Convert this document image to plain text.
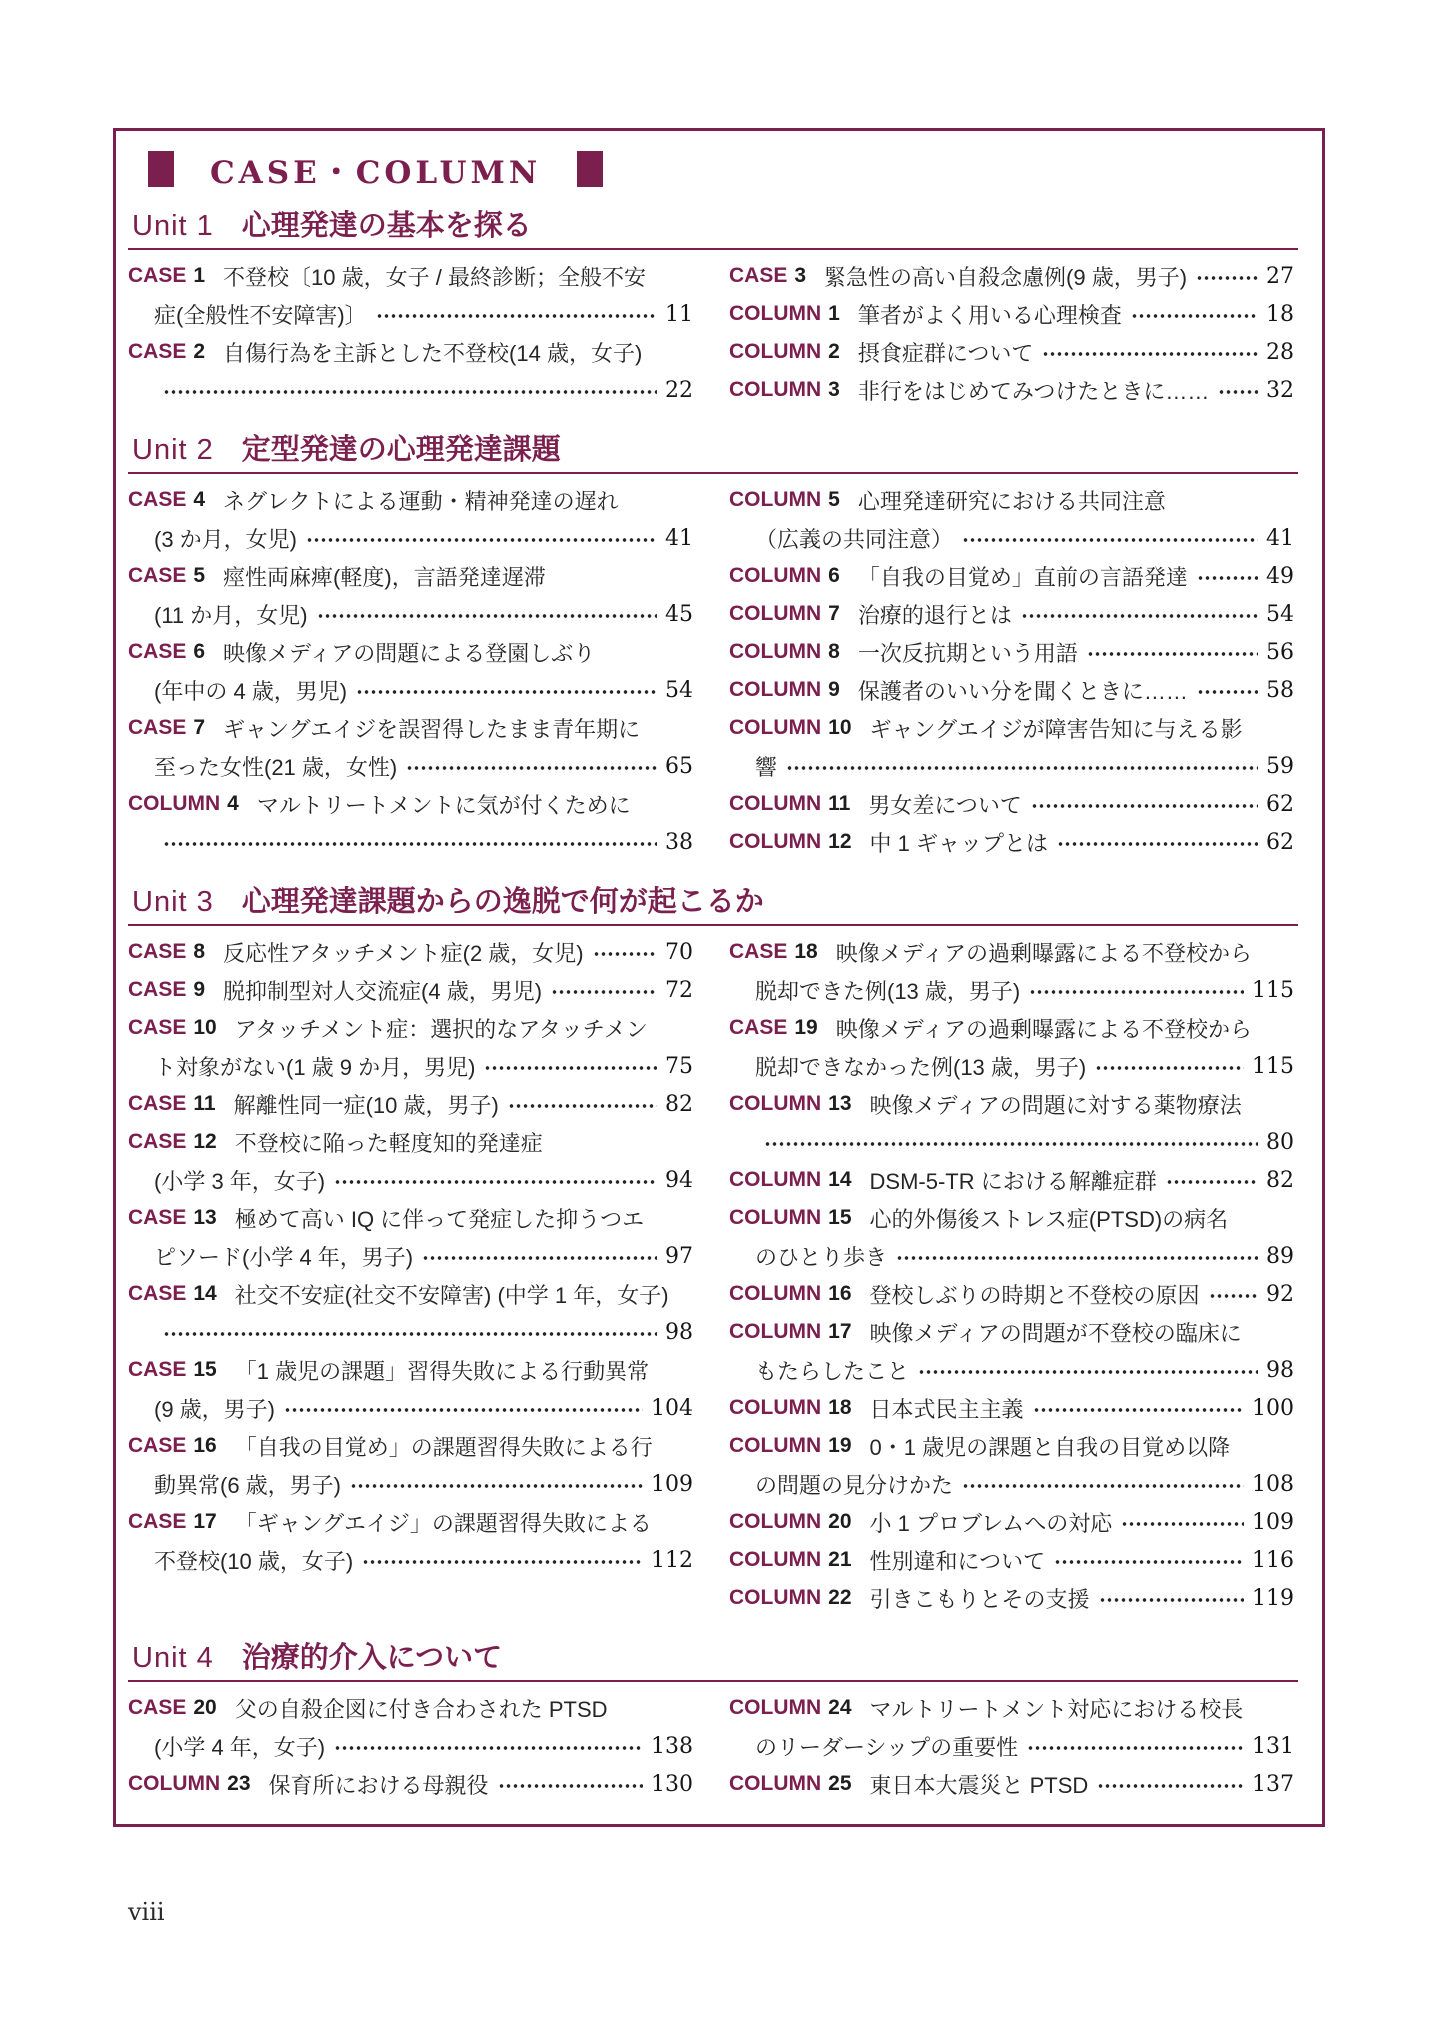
CASE・COLUMN
Unit 1 心理発達の基本を探る
CASE 1 不登校〔10 歳，女子 / 最終診断；全般不安
症(全般性不安障害)〕	11
CASE 2 自傷行為を主訴とした不登校(14 歳，女子)
22
CASE 3 緊急性の高い自殺念慮例(9 歳，男子)	27
COLUMN 1 筆者がよく用いる心理検査	18
COLUMN 2 摂食症群について	28
COLUMN 3 非行をはじめてみつけたときに……	32
Unit 2 定型発達の心理発達課題
CASE 4 ネグレクトによる運動・精神発達の遅れ
(3 か月，女児)	41
CASE 5 痙性両麻痺(軽度)，言語発達遅滞
(11 か月，女児)	45
CASE 6 映像メディアの問題による登園しぶり
(年中の 4 歳，男児)	54
CASE 7 ギャングエイジを誤習得したまま青年期に
至った女性(21 歳，女性)	65
COLUMN 4 マルトリートメントに気が付くために
38
COLUMN 5 心理発達研究における共同注意
（広義の共同注意）	41
COLUMN 6 「自我の目覚め」直前の言語発達	49
COLUMN 7 治療的退行とは	54
COLUMN 8 一次反抗期という用語	56
COLUMN 9 保護者のいい分を聞くときに……	58
COLUMN 10 ギャングエイジが障害告知に与える影
響	59
COLUMN 11 男女差について	62
COLUMN 12 中 1 ギャップとは	62
Unit 3 心理発達課題からの逸脱で何が起こるか
CASE 8 反応性アタッチメント症(2 歳，女児)	70
CASE 9 脱抑制型対人交流症(4 歳，男児)	72
CASE 10 アタッチメント症：選択的なアタッチメン
ト対象がない(1 歳 9 か月，男児)	75
CASE 11 解離性同一症(10 歳，男子)	82
CASE 12 不登校に陥った軽度知的発達症
(小学 3 年，女子)	94
CASE 13 極めて高い IQ に伴って発症した抑うつエ
ピソード(小学 4 年，男子)	97
CASE 14 社交不安症(社交不安障害) (中学 1 年，女子)
98
CASE 15 「1 歳児の課題」習得失敗による行動異常
(9 歳，男子)	104
CASE 16 「自我の目覚め」の課題習得失敗による行
動異常(6 歳，男子)	109
CASE 17 「ギャングエイジ」の課題習得失敗による
不登校(10 歳，女子)	112
CASE 18 映像メディアの過剰曝露による不登校から
脱却できた例(13 歳，男子)	115
CASE 19 映像メディアの過剰曝露による不登校から
脱却できなかった例(13 歳，男子)	115
COLUMN 13 映像メディアの問題に対する薬物療法
80
COLUMN 14 DSM-5-TR における解離症群	82
COLUMN 15 心的外傷後ストレス症(PTSD)の病名
のひとり歩き	89
COLUMN 16 登校しぶりの時期と不登校の原因	92
COLUMN 17 映像メディアの問題が不登校の臨床に
もたらしたこと	98
COLUMN 18 日本式民主主義	100
COLUMN 19 0・1 歳児の課題と自我の目覚め以降
の問題の見分けかた	108
COLUMN 20 小 1 プロブレムへの対応	109
COLUMN 21 性別違和について	116
COLUMN 22 引きこもりとその支援	119
Unit 4 治療的介入について
CASE 20 父の自殺企図に付き合わされた PTSD
(小学 4 年，女子)	138
COLUMN 23 保育所における母親役	130
COLUMN 24 マルトリートメント対応における校長
のリーダーシップの重要性	131
COLUMN 25 東日本大震災と PTSD	137
viii
